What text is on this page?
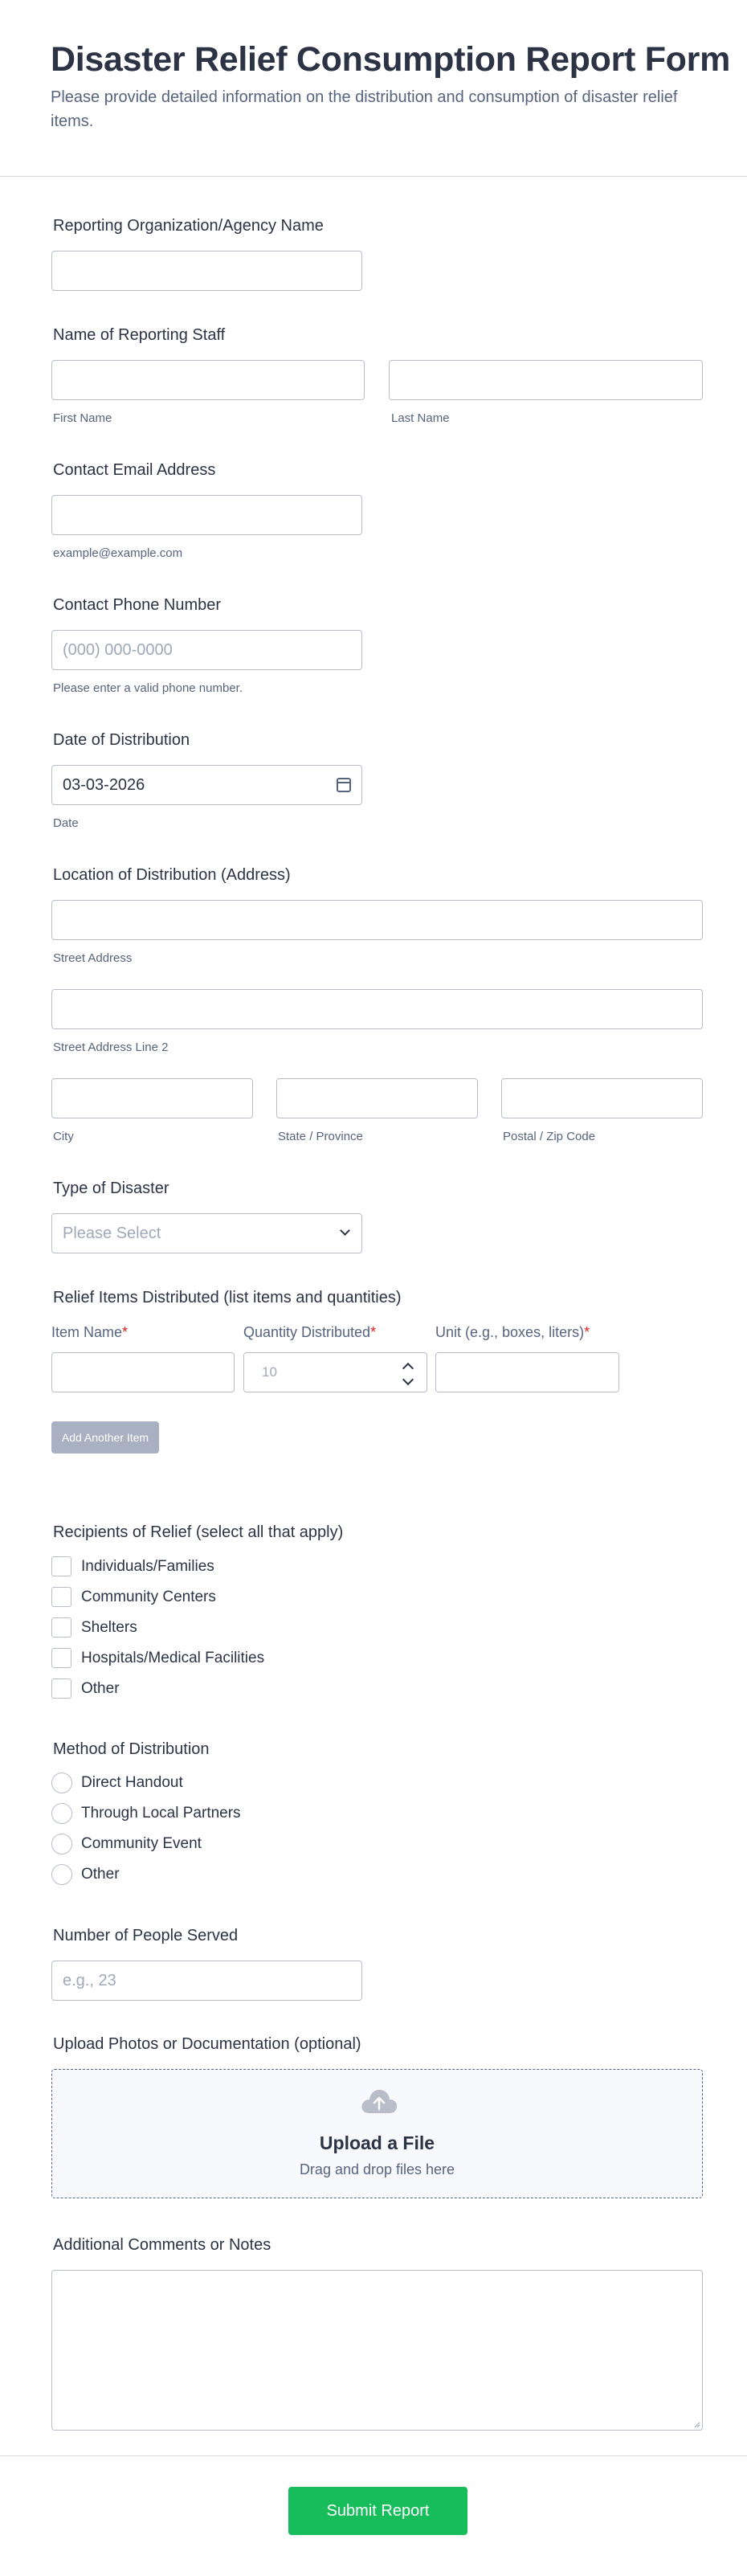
Disaster Relief Consumption Report Form
Please provide detailed information on the distribution and consumption of disaster relief items.
Reporting Organization/Agency Name
Name of Reporting Staff
First Name	Last Name
Contact Email Address
example@example.com
Contact Phone Number
(000) 000-0000
Please enter a valid phone number.
Date of Distribution
03-03-2026
Date
Location of Distribution (Address)
Street Address
Street Address Line 2
City	State / Province	Postal / Zip Code
Type of Disaster
Please Select
Relief Items Distributed (list items and quantities)
Item Name*	Quantity Distributed*	Unit (e.g., boxes, liters)*
10
Add Another Item
Recipients of Relief (select all that apply)
Individuals/Families
Community Centers
Shelters
Hospitals/Medical Facilities
Other
Method of Distribution
Direct Handout
Through Local Partners
Community Event
Other
Number of People Served
e.g., 23
Upload Photos or Documentation (optional)
Upload a File
Drag and drop files here
Additional Comments or Notes
Submit Report
